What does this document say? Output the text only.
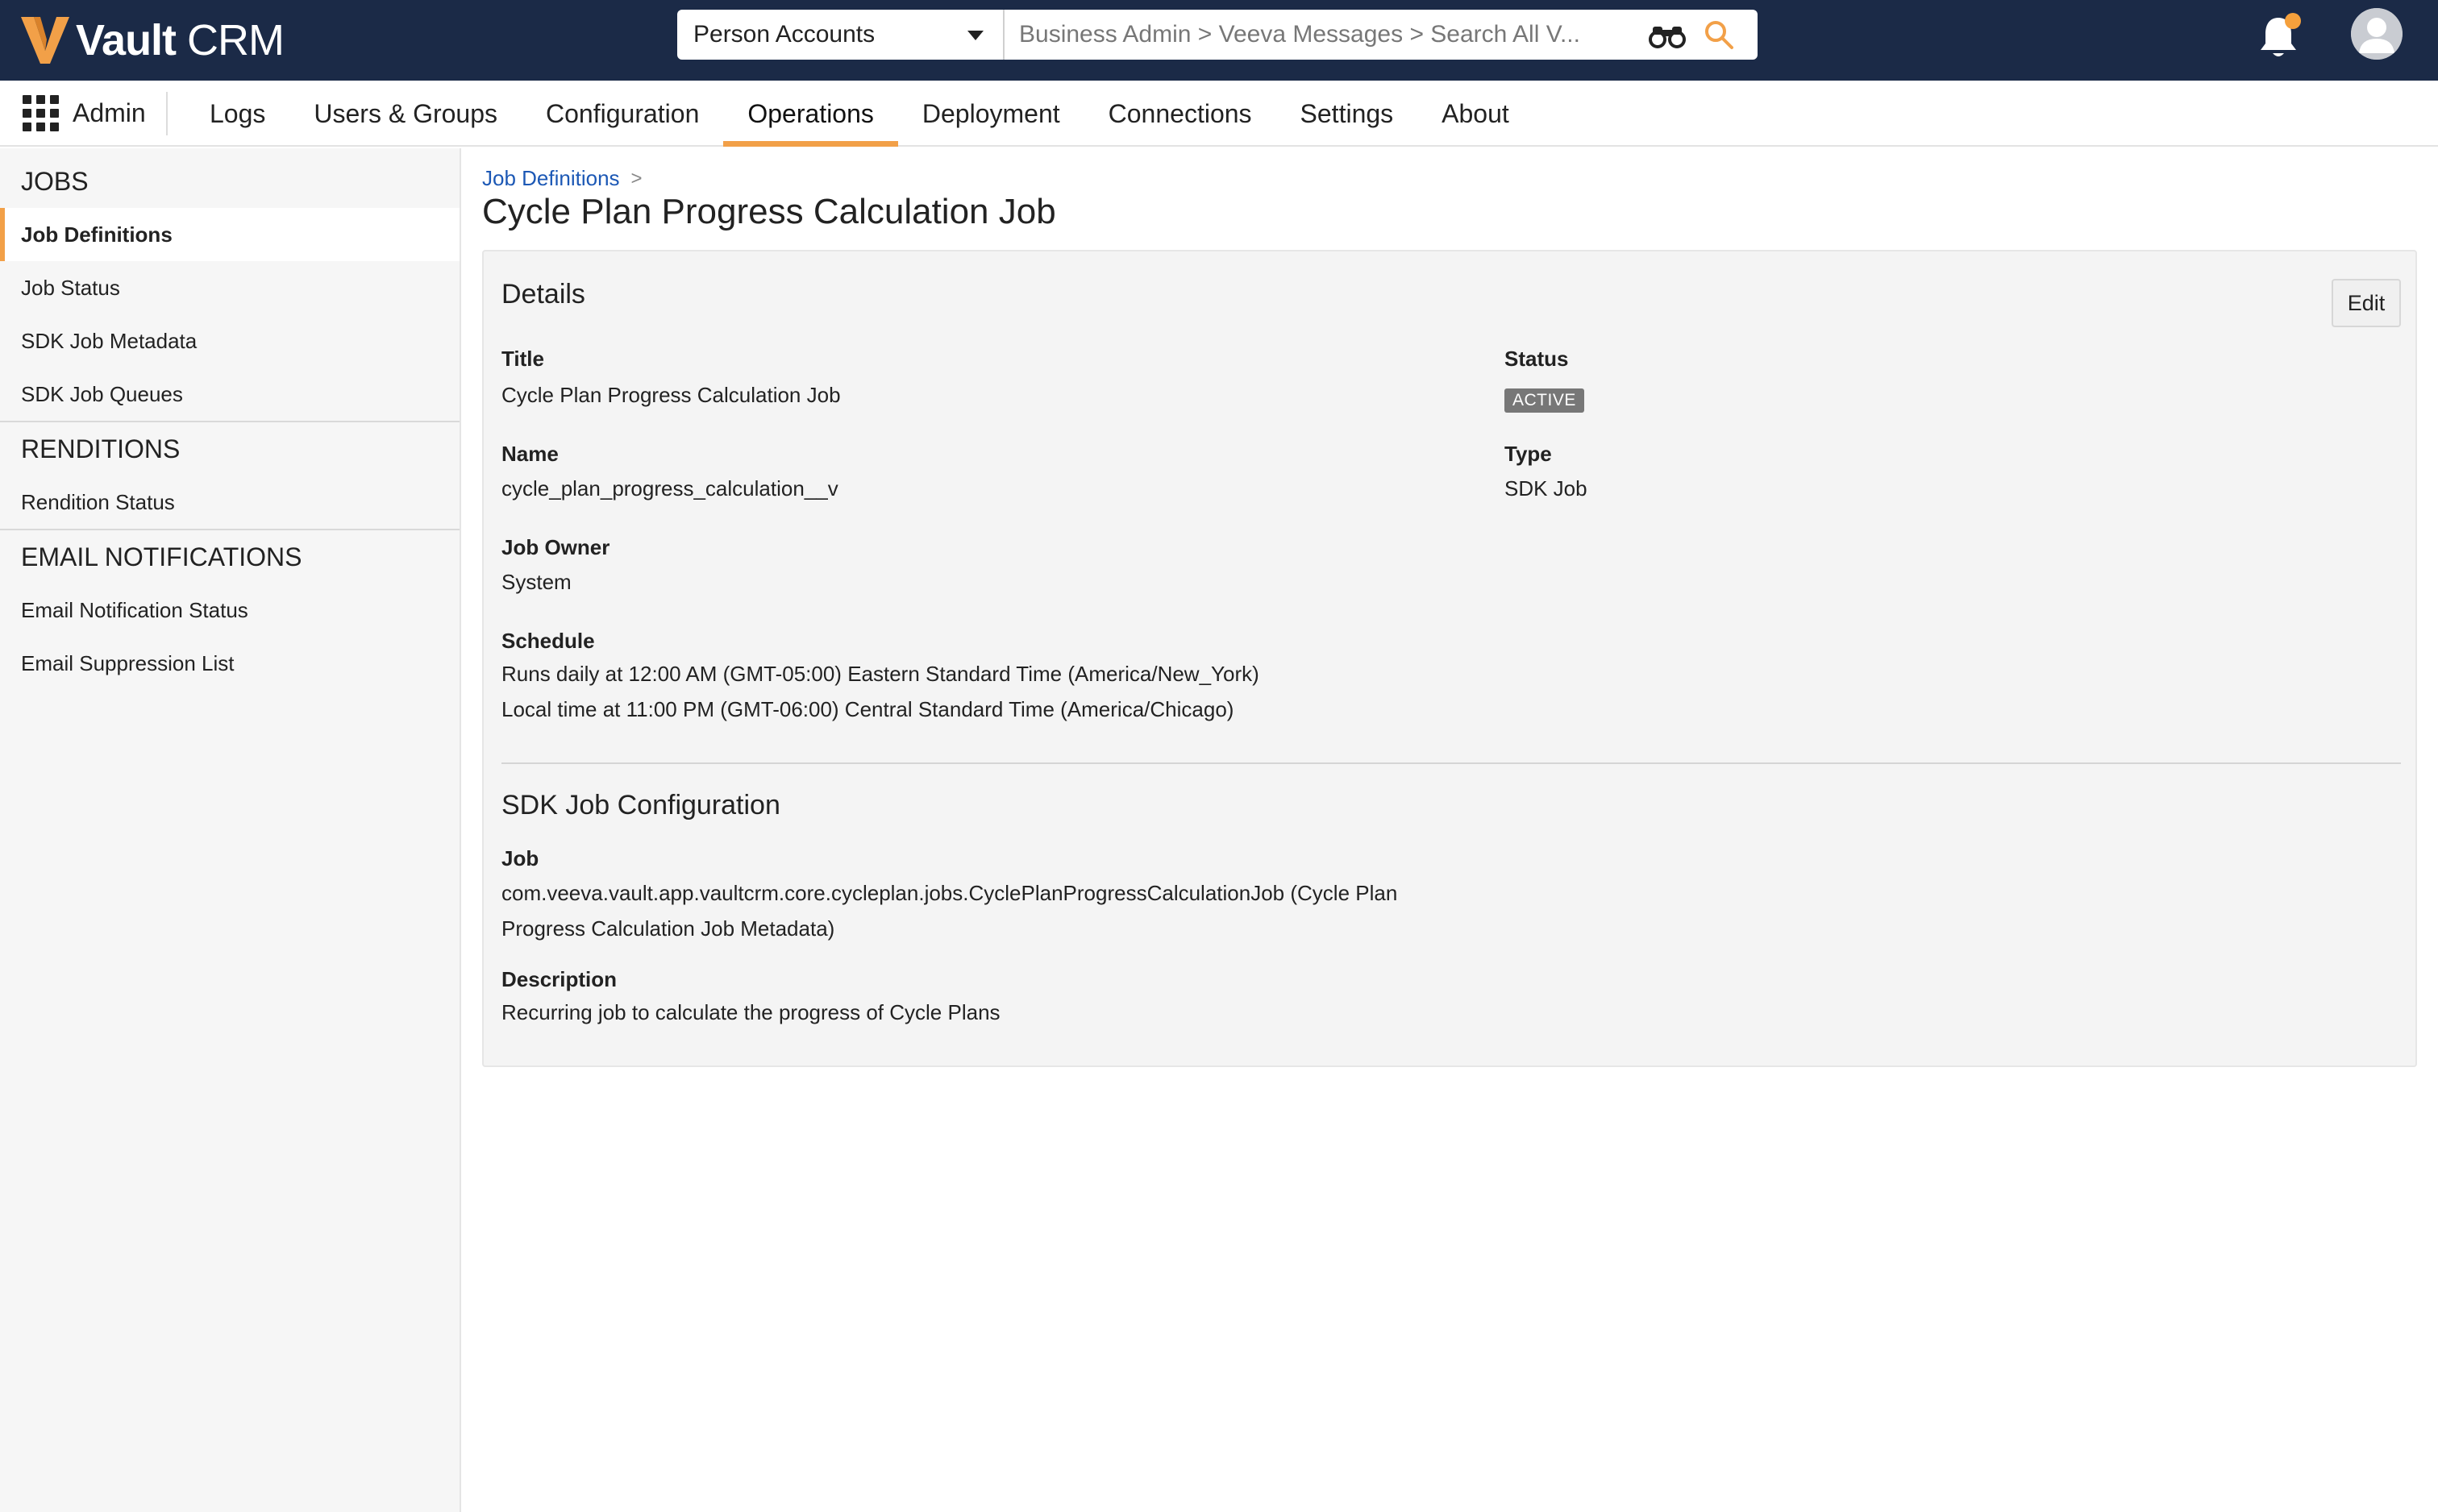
Vault CRM	Person Accounts
Business Admin > Veeva Messages > Search All V...
Admin	Logs	Users & Groups	Configuration	Operations	Deployment	Connections	Settings	About
JOBS
Job Definitions
Job Status
SDK Job Metadata
SDK Job Queues
RENDITIONS
Rendition Status
EMAIL NOTIFICATIONS
Email Notification Status
Email Suppression List
Job Definitions >
Cycle Plan Progress Calculation Job
Details	Edit
Title
Cycle Plan Progress Calculation Job
Status
ACTIVE
Name
cycle_plan_progress_calculation__v
Type
SDK Job
Job Owner
System
Schedule
Runs daily at 12:00 AM (GMT-05:00) Eastern Standard Time (America/New_York)
Local time at 11:00 PM (GMT-06:00) Central Standard Time (America/Chicago)
SDK Job Configuration
Job
com.veeva.vault.app.vaultcrm.core.cycleplan.jobs.CyclePlanProgressCalculationJob (Cycle Plan
Progress Calculation Job Metadata)
Description
Recurring job to calculate the progress of Cycle Plans
